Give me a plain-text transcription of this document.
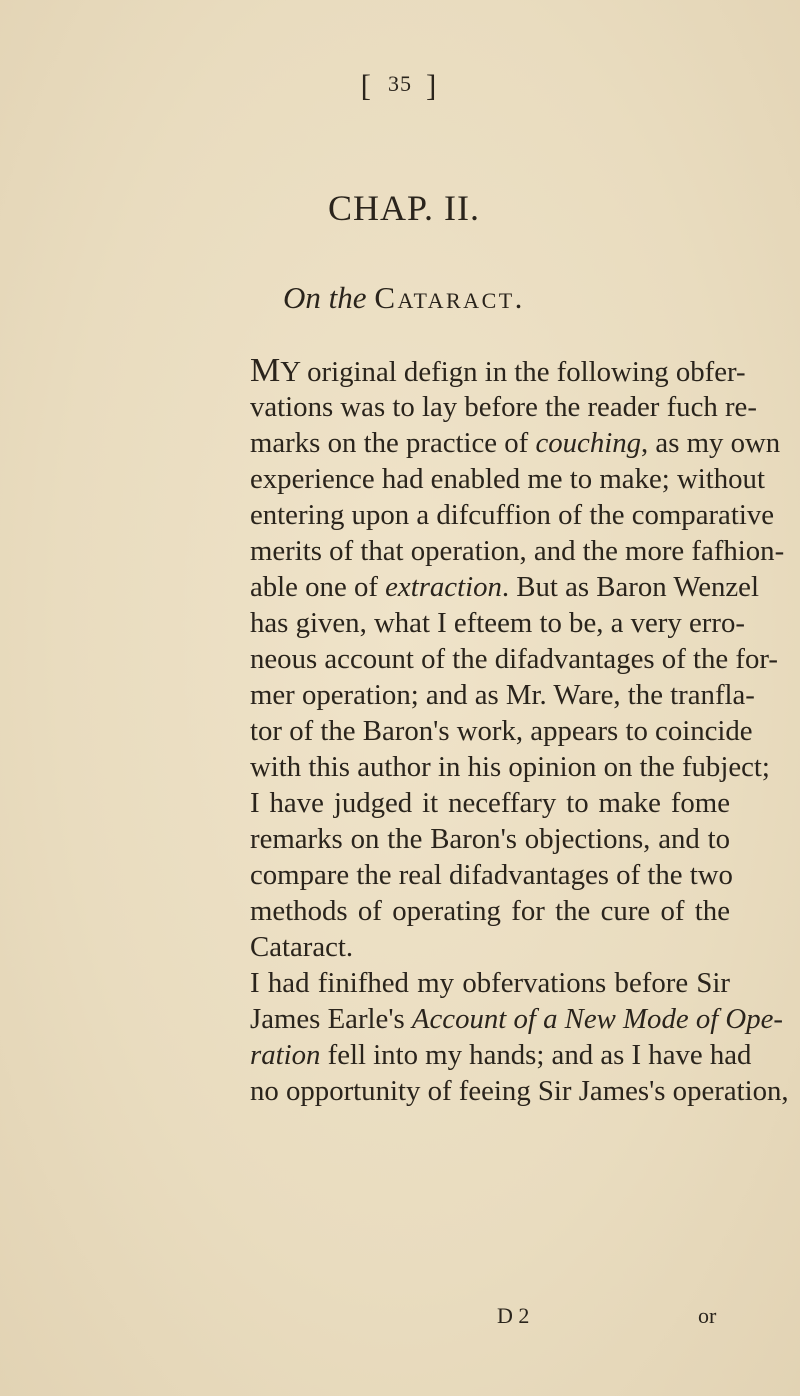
[ 35 ]
CHAP. II.
On the Cataract.
MY original defign in the following obfer-
vations was to lay before the reader fuch re-
marks on the practice of couching, as my own
experience had enabled me to make; without
entering upon a difcuffion of the comparative
merits of that operation, and the more fafhion-
able one of extraction. But as Baron Wenzel
has given, what I efteem to be, a very erro-
neous account of the difadvantages of the for-
mer operation; and as Mr. Ware, the tranfla-
tor of the Baron's work, appears to coincide
with this author in his opinion on the fubject;
I have judged it neceffary to make fome
remarks on the Baron's objections, and to
compare the real difadvantages of the two
methods of operating for the cure of the
Cataract.
I had finifhed my obfervations before Sir
James Earle's Account of a New Mode of Ope-
ration fell into my hands; and as I have had
no opportunity of feeing Sir James's operation,
D 2	or
